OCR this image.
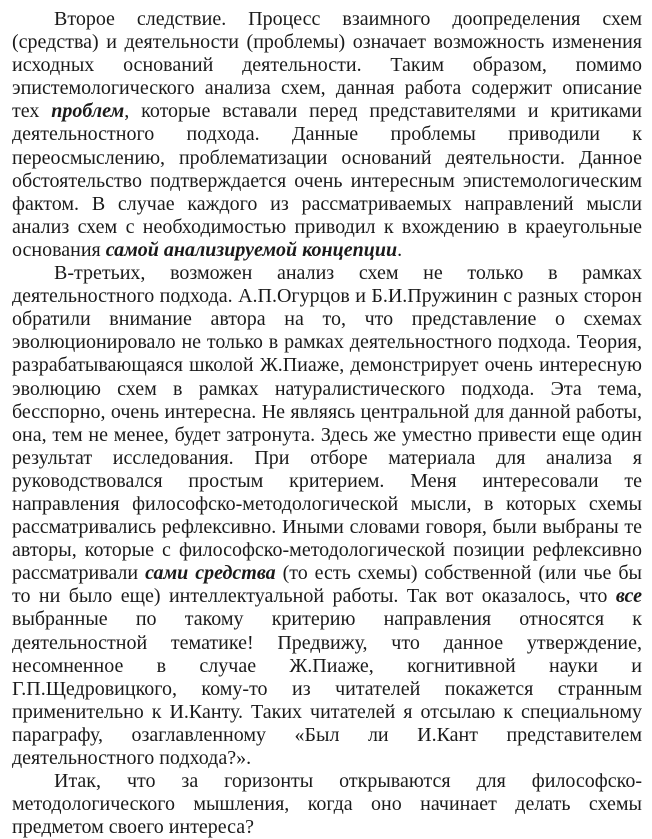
Второе следствие. Процесс взаимного доопределения схем (средства) и деятельности (проблемы) означает возможность изменения исходных оснований деятельности. Таким образом, помимо эпистемологического анализа схем, данная работа содержит описание тех проблем, которые вставали перед представителями и критиками деятельностного подхода. Данные проблемы приводили к переосмыслению, проблематизации оснований деятельности. Данное обстоятельство подтверждается очень интересным эпистемологическим фактом. В случае каждого из рассматриваемых направлений мысли анализ схем с необходимостью приводил к вхождению в краеугольные основания самой анализируемой концепции.

В-третьих, возможен анализ схем не только в рамках деятельностного подхода. А.П.Огурцов и Б.И.Пружинин с разных сторон обратили внимание автора на то, что представление о схемах эволюционировало не только в рамках деятельностного подхода. Теория, разрабатывающаяся школой Ж.Пиаже, демонстрирует очень интересную эволюцию схем в рамках натуралистического подхода. Эта тема, бесспорно, очень интересна. Не являясь центральной для данной работы, она, тем не менее, будет затронута. Здесь же уместно привести еще один результат исследования. При отборе материала для анализа я руководствовался простым критерием. Меня интересовали те направления философско-методологической мысли, в которых схемы рассматривались рефлексивно. Иными словами говоря, были выбраны те авторы, которые с философско-методологической позиции рефлексивно рассматривали сами средства (то есть схемы) собственной (или чье бы то ни было еще) интеллектуальной работы. Так вот оказалось, что все выбранные по такому критерию направления относятся к деятельностной тематике! Предвижу, что данное утверждение, несомненное в случае Ж.Пиаже, когнитивной науки и Г.П.Щедровицкого, кому-то из читателей покажется странным применительно к И.Канту. Таких читателей я отсылаю к специальному параграфу, озаглавленному «Был ли И.Кант представителем деятельностного подхода?».

Итак, что за горизонты открываются для философско-методологического мышления, когда оно начинает делать схемы предметом своего интереса?
